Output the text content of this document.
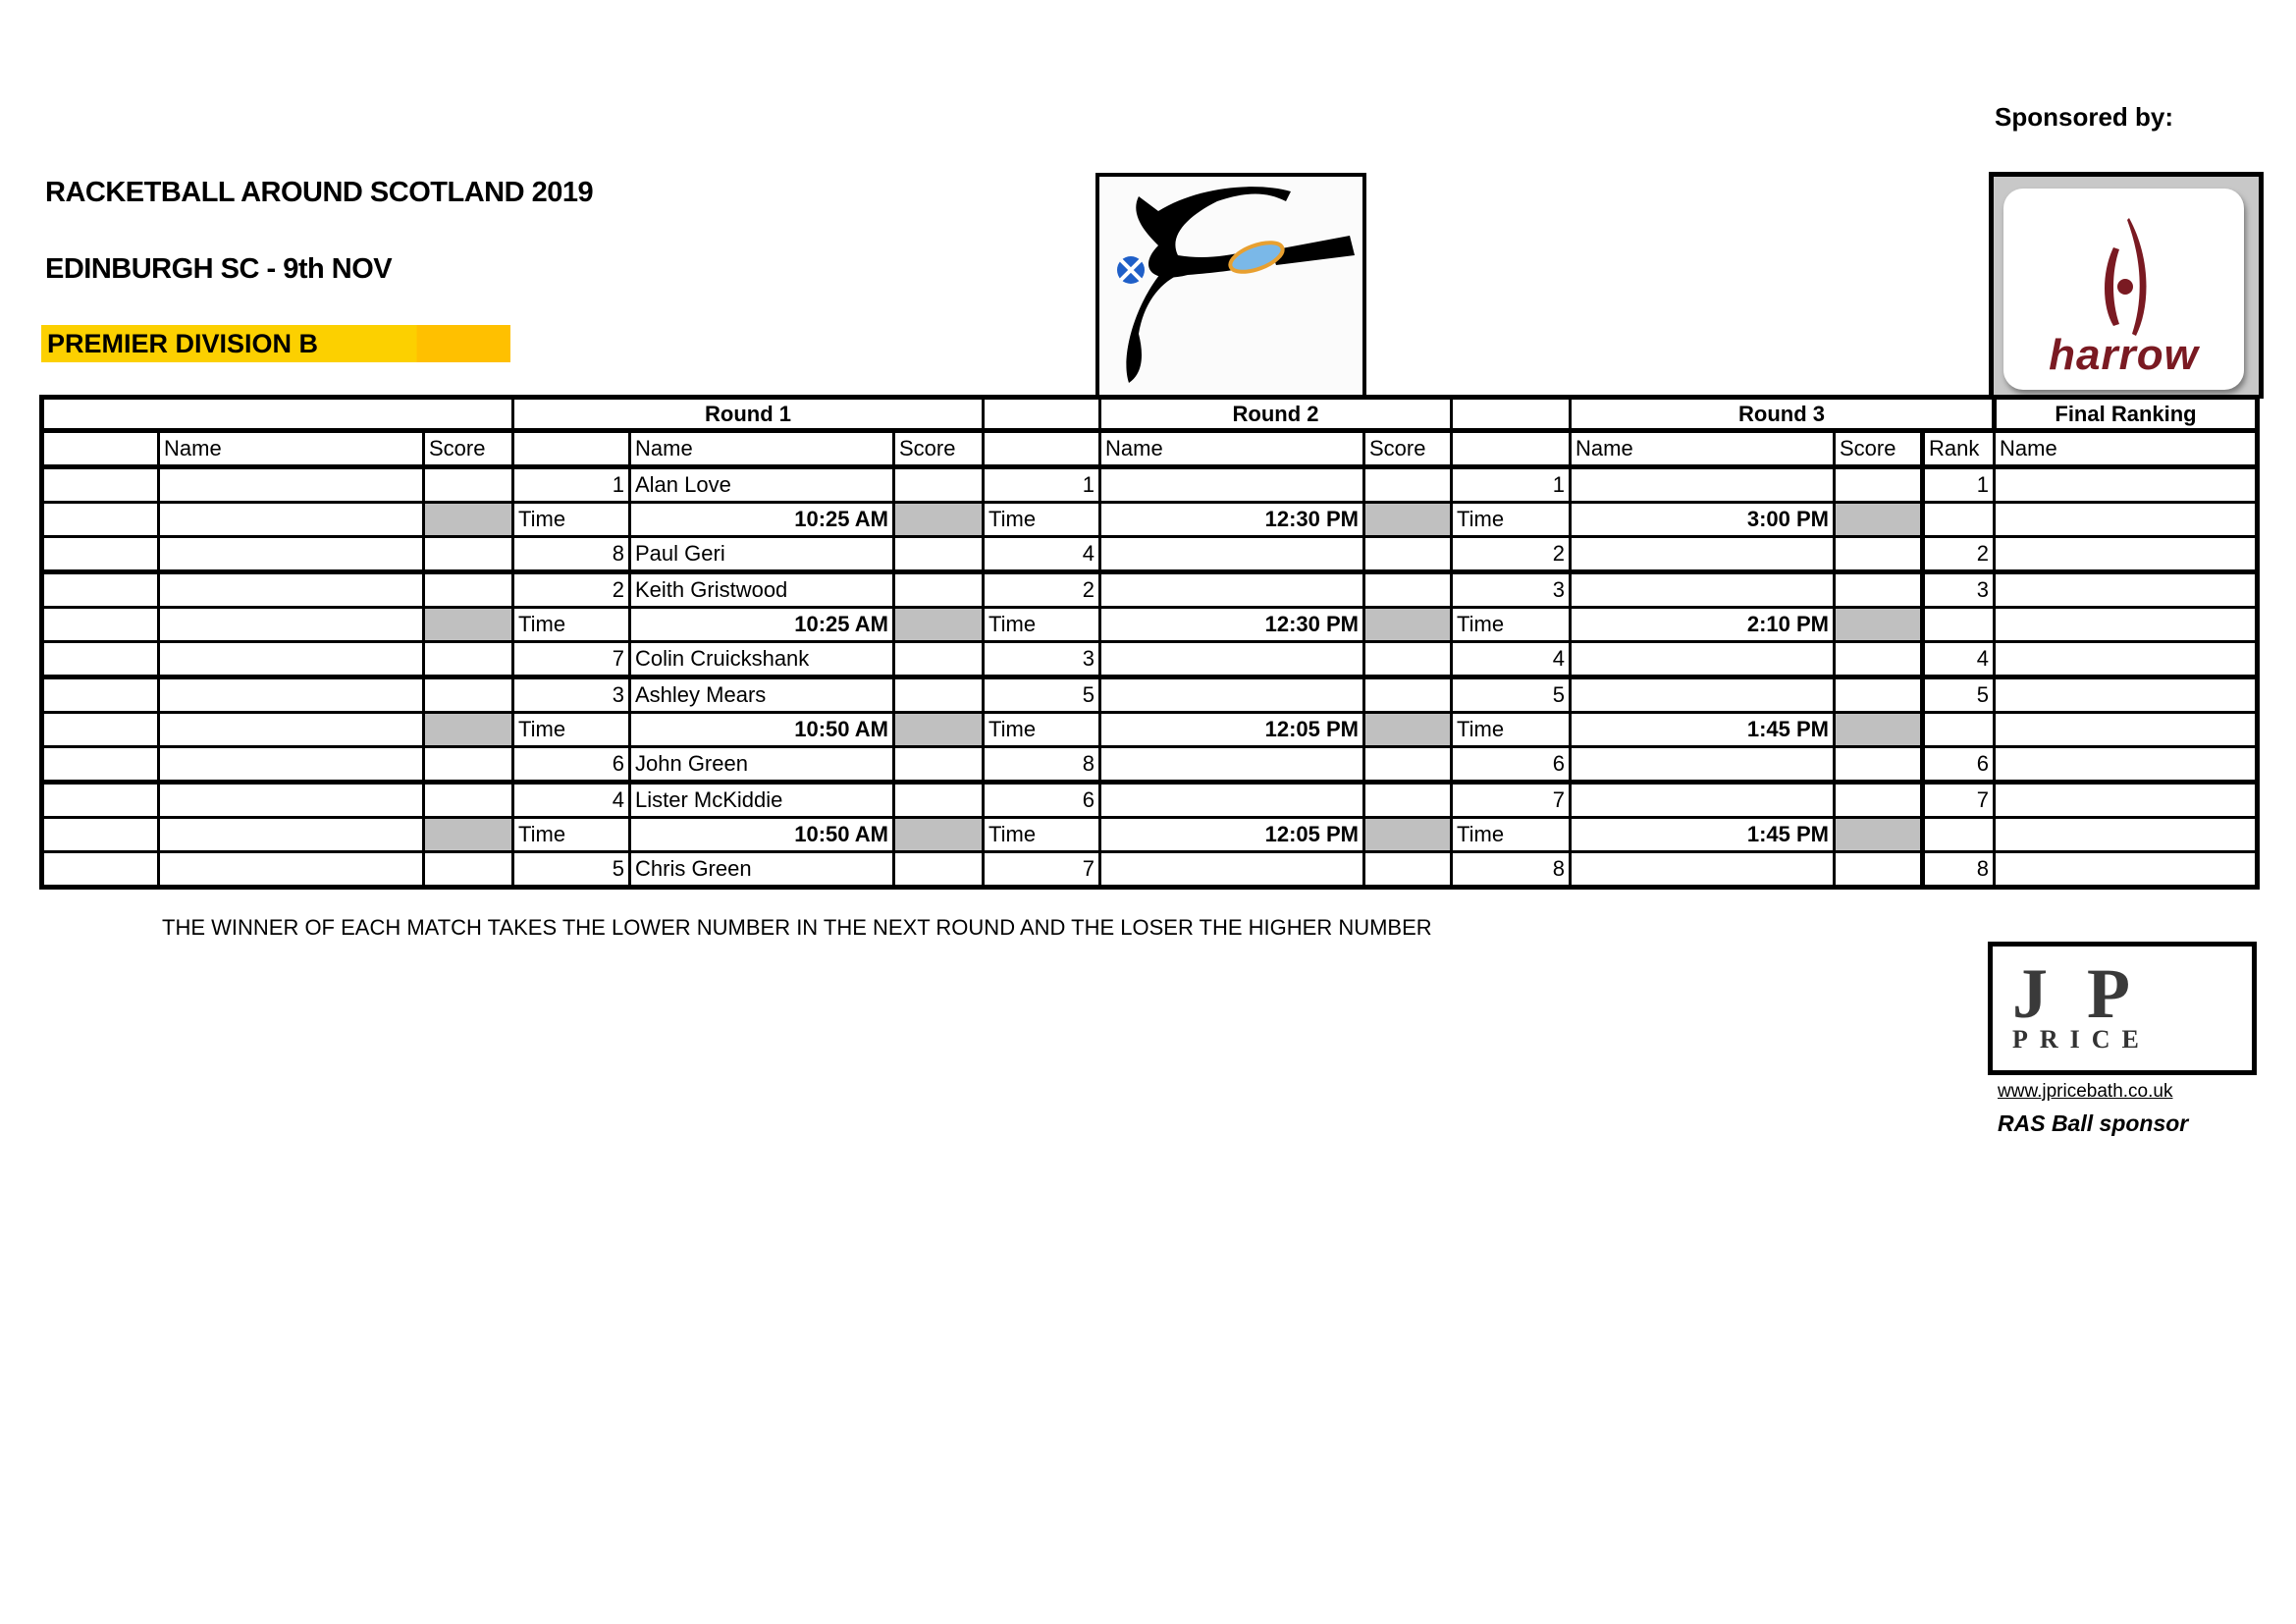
RACKETBALL AROUND SCOTLAND 2019
EDINBURGH SC - 9th NOV
PREMIER DIVISION B
Sponsored by:
harrow
			Round 1				Round 2			Round 3			Final Ranking
	Name	Score		Name	Score		Name	Score		Name	Score	Rank	Name
			1	Alan Love		1			1			1	
			Time	10:25 AM		Time	12:30 PM		Time	3:00 PM			
			8	Paul Geri		4			2			2	
			2	Keith Gristwood		2			3			3	
			Time	10:25 AM		Time	12:30 PM		Time	2:10 PM			
			7	Colin Cruickshank		3			4			4	
			3	Ashley Mears		5			5			5	
			Time	10:50 AM		Time	12:05 PM		Time	1:45 PM			
			6	John Green		8			6			6	
			4	Lister McKiddie		6			7			7	
			Time	10:50 AM		Time	12:05 PM		Time	1:45 PM			
			5	Chris Green		7			8			8	
THE WINNER OF EACH MATCH TAKES THE LOWER NUMBER IN THE NEXT ROUND AND THE LOSER THE HIGHER NUMBER
JP
PRICE
www.jpricebath.co.uk
RAS Ball sponsor
